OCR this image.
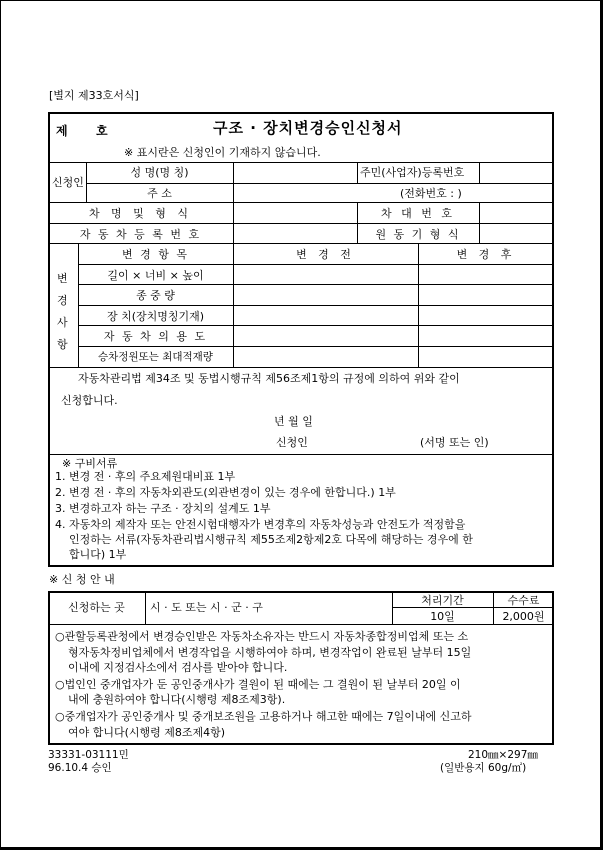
[별지 제33호서식]
제 호	구조 · 장치변경승인신청서
※ 표시란은 신청인이 기재하지 않습니다.
신청인
성 명(명 칭)	주민(사업자)등록번호
주 소	(전화번호 : )
차 명 및 형 식	차 대 번 호
자 동 차 등 록 번 호	원 동 기 형 식
변경사항
변 경 항 목	변 경 전	변 경 후
길이 × 너비 × 높이
종 중 량
장 치(장치명칭기재)
자 동 차 의 용 도
승차정원또는 최대적재량
자동차관리법 제34조 및 동법시행규칙 제56조제1항의 규정에 의하여 위와 같이
신청합니다.
년 월 일
신청인	(서명 또는 인)
※ 구비서류
1. 변경 전 · 후의 주요제원대비표 1부
2. 변경 전 · 후의 자동차외관도(외관변경이 있는 경우에 한합니다.) 1부
3. 변경하고자 하는 구조 · 장치의 설계도 1부
4. 자동차의 제작자 또는 안전시험대행자가 변경후의 자동차성능과 안전도가 적정함을
인정하는 서류(자동차관리법시행규칙 제55조제2항제2호 다목에 해당하는 경우에 한
합니다) 1부
※ 신 청 안 내
신청하는 곳	시 · 도 또는 시 · 군 · 구
처리기간
10일
수수료
2,000원
○관할등록관청에서 변경승인받은 자동차소유자는 반드시 자동차종합정비업체 또는 소
형자동차정비업체에서 변경작업을 시행하여야 하며, 변경작업이 완료된 날부터 15일
이내에 지정검사소에서 검사를 받아야 합니다.
○법인인 중개업자가 둔 공인중개사가 결원이 된 때에는 그 결원이 된 날부터 20일 이
내에 충원하여야 합니다(시행령 제8조제3항).
○중개업자가 공인중개사 및 중개보조원을 고용하거나 해고한 때에는 7일이내에 신고하
여야 합니다(시행령 제8조제4항)
33331-03111민
96.10.4 승인
210㎜×297㎜
(일반용지 60g/㎡)
